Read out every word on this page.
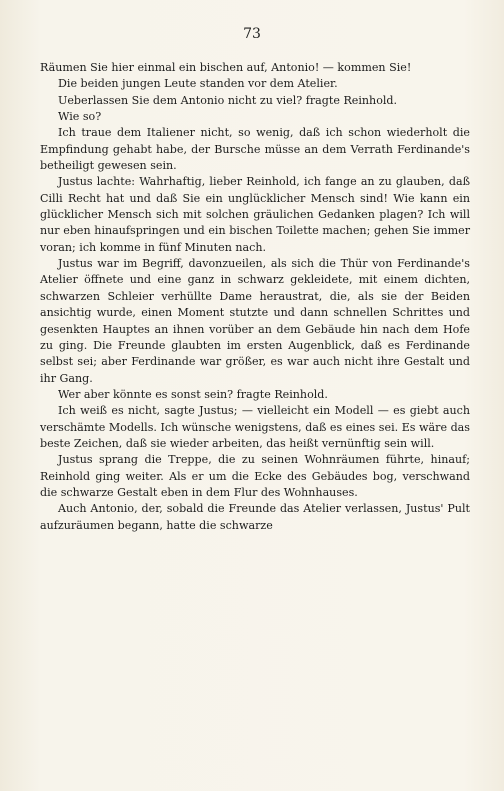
73

Räumen Sie hier einmal ein bischen auf, Antonio! — kommen Sie!

Die beiden jungen Leute standen vor dem Atelier.

Ueberlassen Sie dem Antonio nicht zu viel? fragte Reinhold.

Wie so?

Ich traue dem Italiener nicht, so wenig, daß ich schon wiederholt die Empfindung gehabt habe, der Bursche müsse an dem Verrath Ferdinande's betheiligt gewesen sein.

Justus lachte: Wahrhaftig, lieber Reinhold, ich fange an zu glauben, daß Cilli Recht hat und daß Sie ein unglücklicher Mensch sind! Wie kann ein glücklicher Mensch sich mit solchen gräulichen Gedanken plagen? Ich will nur eben hinaufspringen und ein bischen Toilette machen; gehen Sie immer voran; ich komme in fünf Minuten nach.

Justus war im Begriff, davonzueilen, als sich die Thür von Ferdinande's Atelier öffnete und eine ganz in schwarz gekleidete, mit einem dichten, schwarzen Schleier verhüllte Dame heraustrat, die, als sie der Beiden ansichtig wurde, einen Moment stutzte und dann schnellen Schrittes und gesenkten Hauptes an ihnen vorüber an dem Gebäude hin nach dem Hofe zu ging. Die Freunde glaubten im ersten Augenblick, daß es Ferdinande selbst sei; aber Ferdinande war größer, es war auch nicht ihre Gestalt und ihr Gang.

Wer aber könnte es sonst sein? fragte Reinhold.

Ich weiß es nicht, sagte Justus; — vielleicht ein Modell — es giebt auch verschämte Modells. Ich wünsche wenigstens, daß es eines sei. Es wäre das beste Zeichen, daß sie wieder arbeiten, das heißt vernünftig sein will.

Justus sprang die Treppe, die zu seinen Wohnräumen führte, hinauf; Reinhold ging weiter. Als er um die Ecke des Gebäudes bog, verschwand die schwarze Gestalt eben in dem Flur des Wohnhauses.

Auch Antonio, der, sobald die Freunde das Atelier verlassen, Justus' Pult aufzuräumen begann, hatte die schwarze
